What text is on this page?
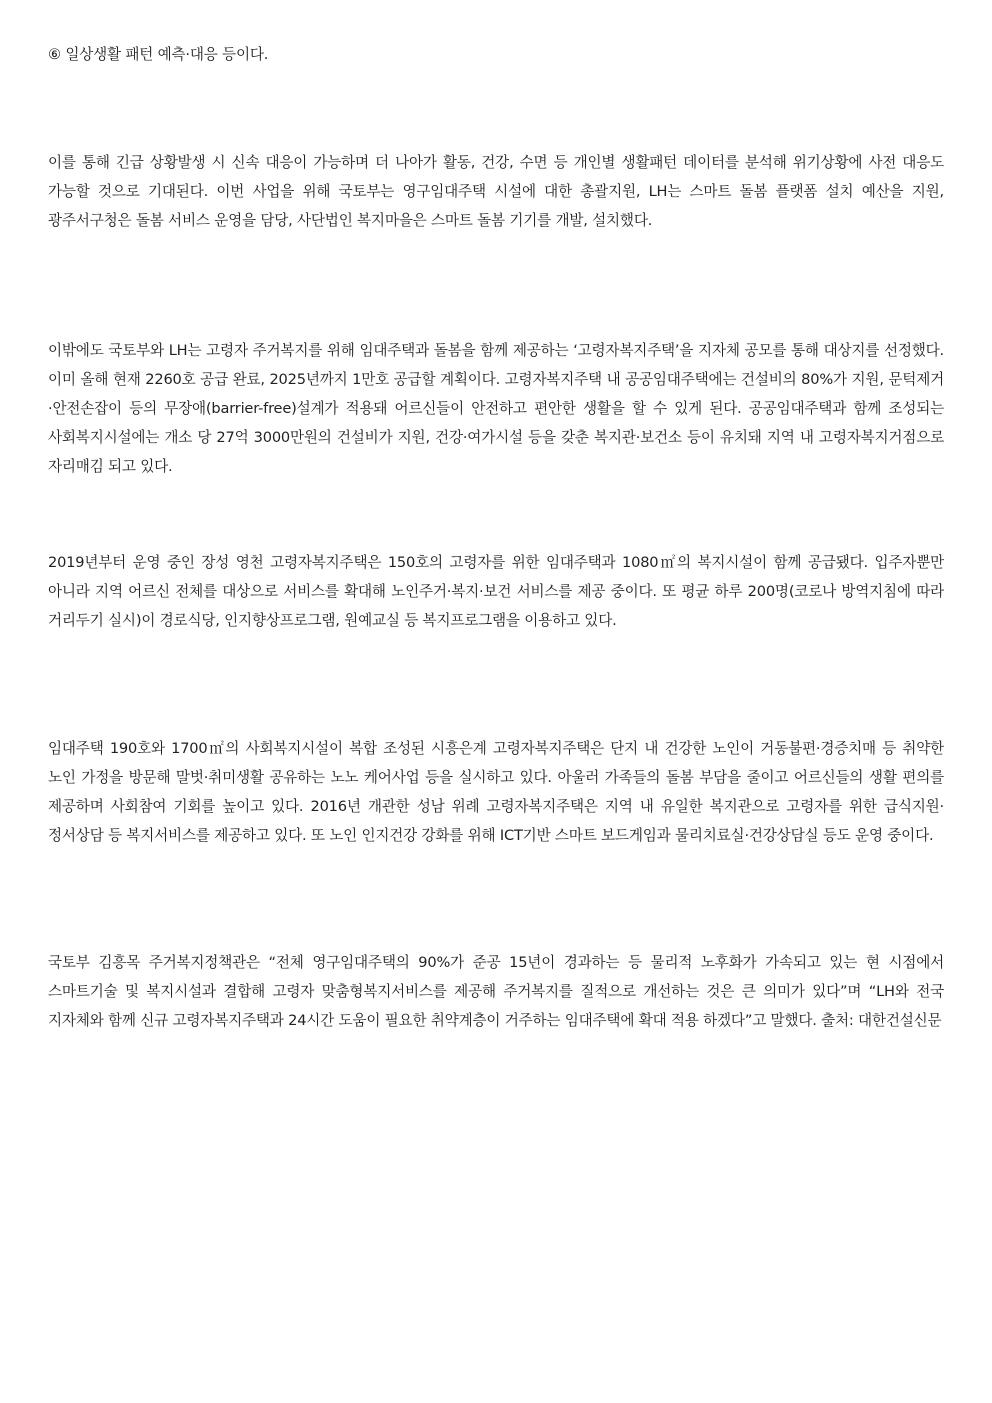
⑥ 일상생활 패턴 예측·대응 등이다.

이를 통해 긴급 상황발생 시 신속 대응이 가능하며 더 나아가 활동, 건강, 수면 등 개인별 생활패턴 데이터를 분석해 위기상황에 사전 대응도 가능할 것으로 기대된다. 이번 사업을 위해 국토부는 영구임대주택 시설에 대한 총괄지원, LH는 스마트 돌봄 플랫폼 설치 예산을 지원, 광주서구청은 돌봄 서비스 운영을 담당, 사단법인 복지마을은 스마트 돌봄 기기를 개발, 설치했다.

이밖에도 국토부와 LH는 고령자 주거복지를 위해 임대주택과 돌봄을 함께 제공하는 ‘고령자복지주택’을 지자체 공모를 통해 대상지를 선정했다. 이미 올해 현재 2260호 공급 완료, 2025년까지 1만호 공급할 계획이다. 고령자복지주택 내 공공임대주택에는 건설비의 80%가 지원, 문턱제거·안전손잡이 등의 무장애(barrier-free)설계가 적용돼 어르신들이 안전하고 편안한 생활을 할 수 있게 된다. 공공임대주택과 함께 조성되는 사회복지시설에는 개소 당 27억 3000만원의 건설비가 지원, 건강·여가시설 등을 갖춘 복지관·보건소 등이 유치돼 지역 내 고령자복지거점으로 자리매김 되고 있다.

2019년부터 운영 중인 장성 영천 고령자복지주택은 150호의 고령자를 위한 임대주택과 1080㎡의 복지시설이 함께 공급됐다. 입주자뿐만 아니라 지역 어르신 전체를 대상으로 서비스를 확대해 노인주거·복지·보건 서비스를 제공 중이다. 또 평균 하루 200명(코로나 방역지침에 따라 거리두기 실시)이 경로식당, 인지향상프로그램, 원예교실 등 복지프로그램을 이용하고 있다.

임대주택 190호와 1700㎡의 사회복지시설이 복합 조성된 시흥은계 고령자복지주택은 단지 내 건강한 노인이 거동불편·경증치매 등 취약한 노인 가정을 방문해 말벗·취미생활 공유하는 노노 케어사업 등을 실시하고 있다. 아울러 가족들의 돌봄 부담을 줄이고 어르신들의 생활 편의를 제공하며 사회참여 기회를 높이고 있다. 2016년 개관한 성남 위례 고령자복지주택은 지역 내 유일한 복지관으로 고령자를 위한 급식지원·정서상담 등 복지서비스를 제공하고 있다. 또 노인 인지건강 강화를 위해 ICT기반 스마트 보드게임과 물리치료실·건강상담실 등도 운영 중이다.

국토부 김흥목 주거복지정책관은 “전체 영구임대주택의 90%가 준공 15년이 경과하는 등 물리적 노후화가 가속되고 있는 현 시점에서 스마트기술 및 복지시설과 결합해 고령자 맞춤형복지서비스를 제공해 주거복지를 질적으로 개선하는 것은 큰 의미가 있다”며 “LH와 전국 지자체와 함께 신규 고령자복지주택과 24시간 도움이 필요한 취약계층이 거주하는 임대주택에 확대 적용 하겠다”고 말했다. 출처: 대한건설신문
